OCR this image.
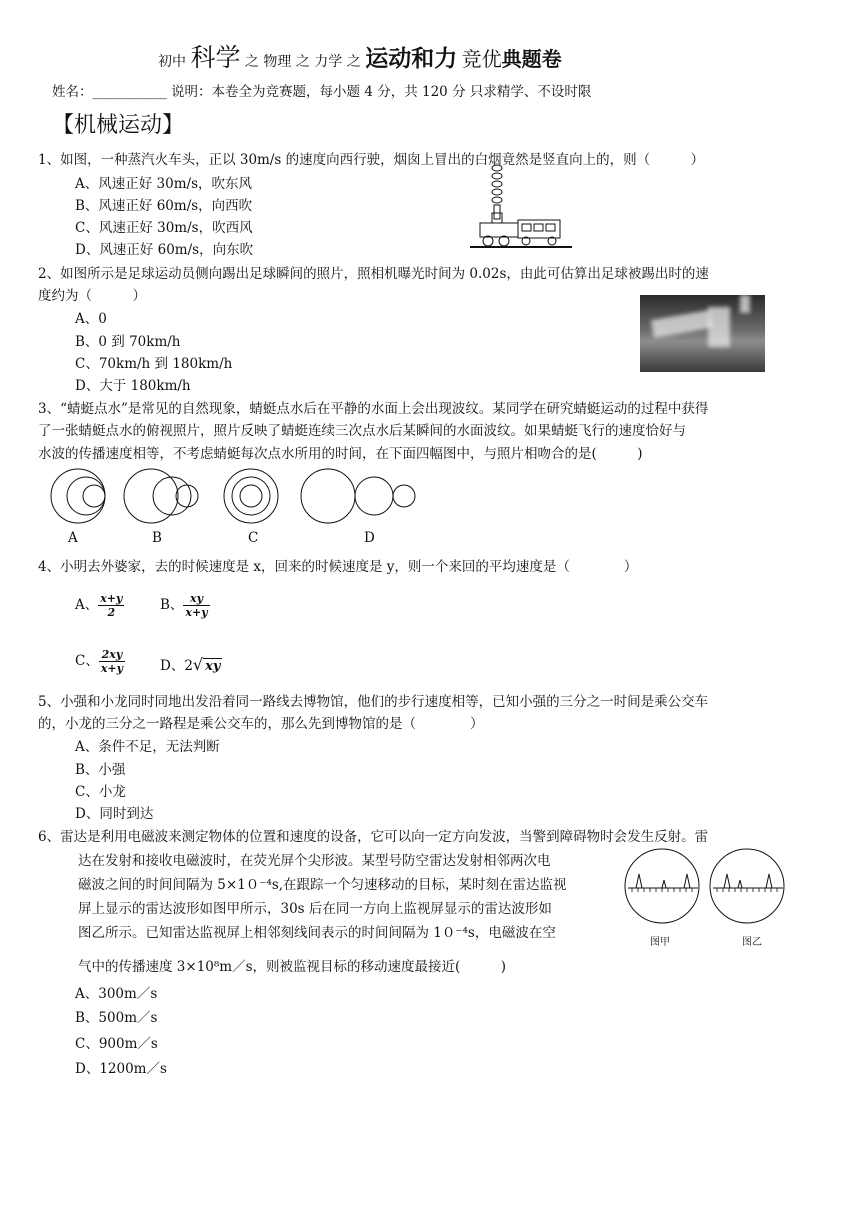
初中 科学 之 物理 之 力学 之 运动和力 竞优典题卷
姓名：___________ 说明：本卷全为竞赛题，每小题 4 分，共 120 分 只求精学、不设时限
【机械运动】
1、如图，一种蒸汽火车头，正以 30m/s 的速度向西行驶，烟囱上冒出的白烟竟然是竖直向上的，则（　　　）
A、风速正好 30m/s，吹东风
B、风速正好 60m/s，向西吹
C、风速正好 30m/s，吹西风
D、风速正好 60m/s，向东吹
2、如图所示是足球运动员侧向踢出足球瞬间的照片，照相机曝光时间为 0.02s，由此可估算出足球被踢出时的速
度约为（　　　）
A、0
B、0 到 70km/h
C、70km/h 到 180km/h
D、大于 180km/h
3、“蜻蜓点水”是常见的自然现象，蜻蜓点水后在平静的水面上会出现波纹。某同学在研究蜻蜓运动的过程中获得
了一张蜻蜓点水的俯视照片，照片反映了蜻蜓连续三次点水后某瞬间的水面波纹。如果蜻蜓飞行的速度恰好与
水波的传播速度相等，不考虑蜻蜓每次点水所用的时间，在下面四幅图中，与照片相吻合的是(　　　)
A	B	C	D
4、小明去外婆家，去的时候速度是 x，回来的时候速度是 y，则一个来回的平均速度是（　　　　）
A、 $\frac{x+y}{2}$	B、 $\frac{xy}{x+y}$
C、 $\frac{2xy}{x+y}$	D、2√ xy
5、小强和小龙同时同地出发沿着同一路线去博物馆，他们的步行速度相等，已知小强的三分之一时间是乘公交车
的，小龙的三分之一路程是乘公交车的，那么先到博物馆的是（　　　　）
A、条件不足，无法判断
B、小强
C、小龙
D、同时到达
6、雷达是利用电磁波来测定物体的位置和速度的设备，它可以向一定方向发波，当警到障碍物时会发生反射。雷
达在发射和接收电磁波时，在荧光屏个尖形波。某型号防空雷达发射相邻两次电
磁波之间的时间间隔为 5×1０⁻⁴s,在跟踪一个匀速移动的目标，某时刻在雷达监视
屏上显示的雷达波形如图甲所示，30s 后在同一方向上监视屏显示的雷达波形如
图乙所示。已知雷达监视屏上相邻刻线间表示的时间间隔为 1０⁻⁴s，电磁波在空
气中的传播速度 3×10⁸m／s，则被监视目标的移动速度最接近(　　　)
图甲	图乙
A、300m／s
B、500m／s
C、900m／s
D、1200m／s
